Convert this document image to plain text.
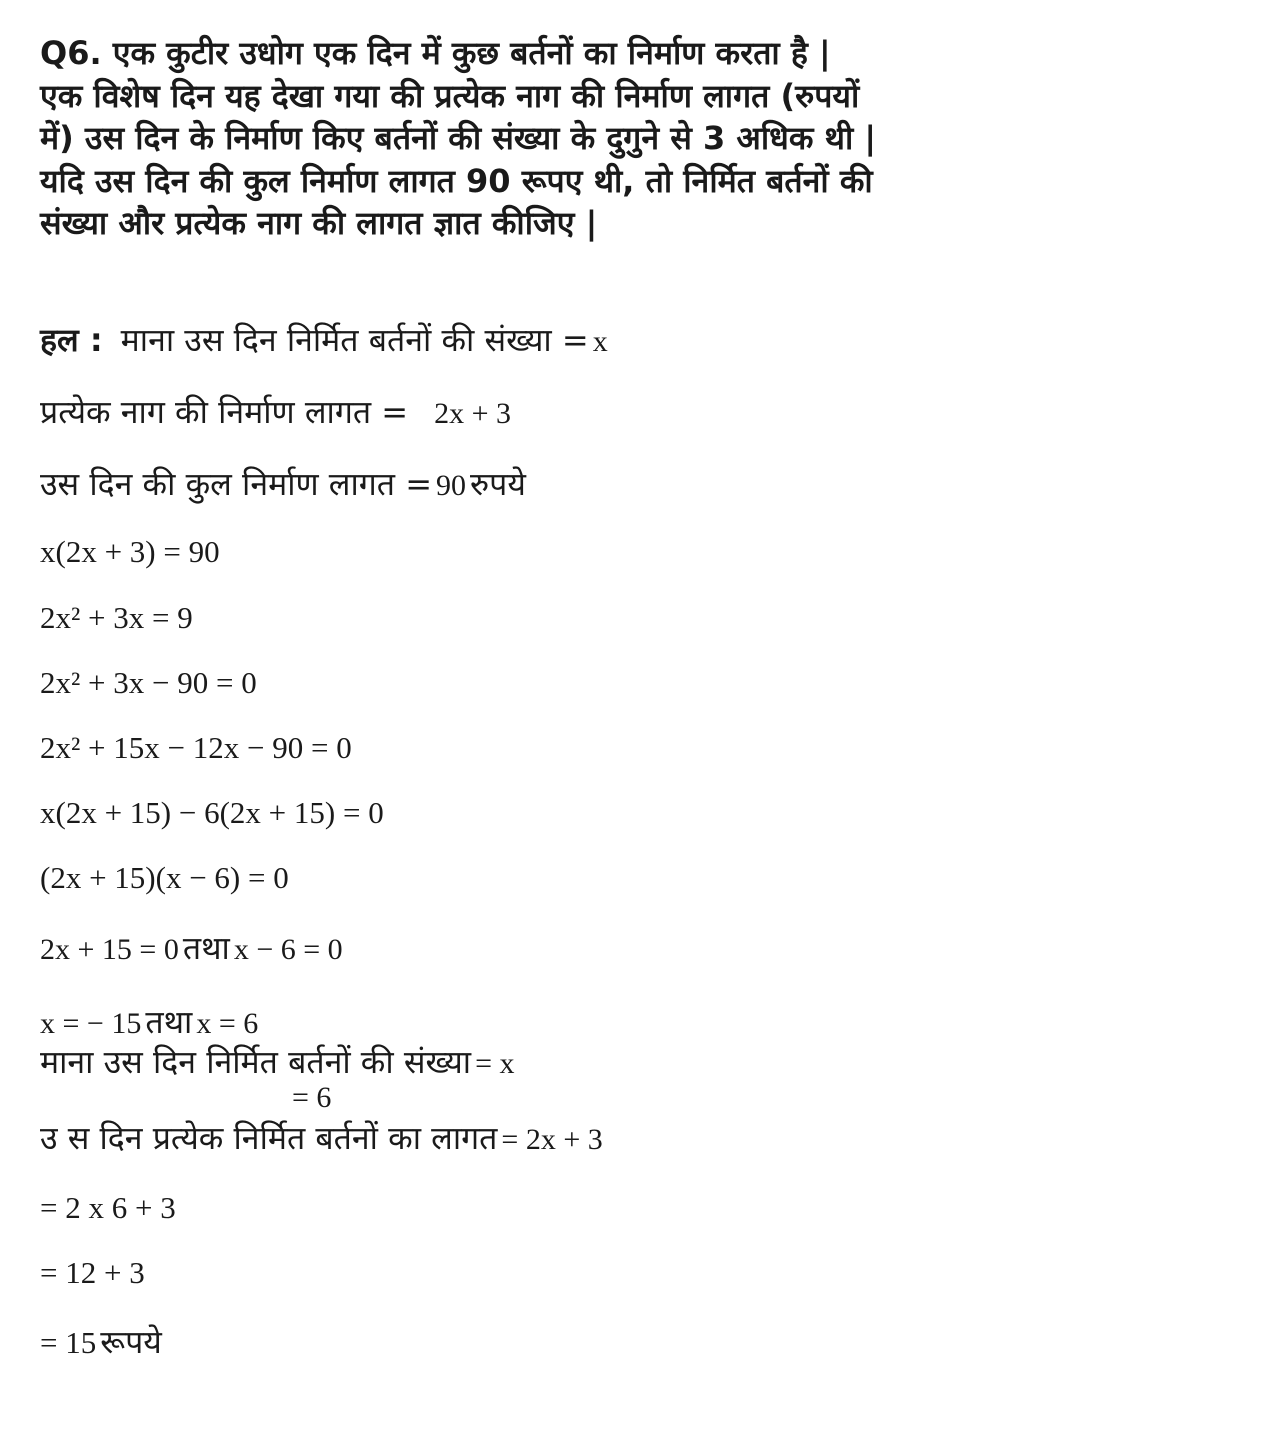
Q6. एक कुटीर उधोग एक दिन में कुछ बर्तनों का निर्माण करता है | एक विशेष दिन यह देखा गया की प्रत्येक नाग की निर्माण लागत (रुपयों में) उस दिन के निर्माण किए बर्तनों की संख्या के दुगुने से 3 अधिक थी | यदि उस दिन की कुल निर्माण लागत 90 रूपए थी, तो निर्मित बर्तनों की संख्या और प्रत्येक नाग की लागत ज्ञात कीजिए |

हल : माना उस दिन निर्मित बर्तनों की संख्या = x
प्रत्येक नाग की निर्माण लागत = 2x + 3
उस दिन की कुल निर्माण लागत = 90 रुपये
x(2x + 3) = 90
2x² + 3x = 9
2x² + 3x − 90 = 0
2x² + 15x − 12x − 90 = 0
x(2x + 15) − 6(2x + 15) = 0
(2x + 15)(x − 6) = 0
2x + 15 = 0 तथा x − 6 = 0
x = − 15 तथा x = 6
माना उस दिन निर्मित बर्तनों की संख्या = x
= 6
उ स दिन प्रत्येक निर्मित बर्तनों का लागत = 2x + 3
= 2 x 6 + 3
= 12 + 3
= 15 रूपये
